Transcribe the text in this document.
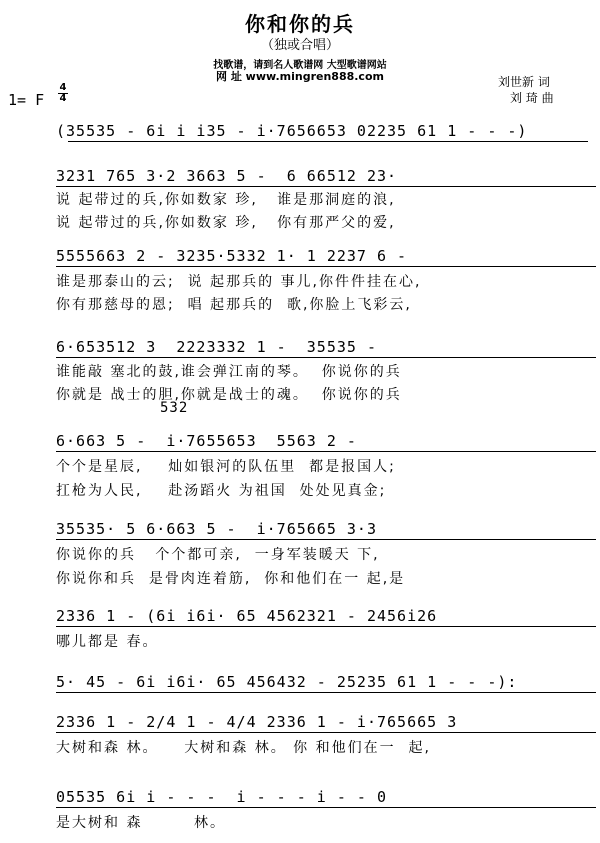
你和你的兵
（独或合唱）
找歌谱，请到名人歌谱网 大型歌谱网站
网 址 www.mingren888.com
1= F
4
4
刘世新 词
刘 琦 曲
(35535 - 6i i i35 - i·7656653 02235 61 1 - - -)
3231 765 3·2 3663 5 -  6 66512 23·
说 起带过的兵,你如数家 珍,   谁是那洞庭的浪,
说 起带过的兵,你如数家 珍,   你有那严父的爱,
5555663 2 - 3235·5332 1· 1 2237 6 -
谁是那泰山的云;  说 起那兵的 事儿,你件件挂在心,
你有那慈母的恩;  唱 起那兵的  歌,你脸上飞彩云,
6·653512 3  2223332 1 -  35535 -
谁能敲 塞北的鼓,谁会弹江南的琴。  你说你的兵
你就是 战士的胆,你就是战士的魂。  你说你的兵
532
6·663 5 -  i·7655653  5563 2 -
个个是星辰,    灿如银河的队伍里  都是报国人;
扛枪为人民,    赴汤蹈火 为祖国  处处见真金;
35535· 5 6·663 5 -  i·765665 3·3
你说你的兵   个个都可亲,  一身军装暖天 下,
你说你和兵  是骨肉连着筋,  你和他们在一 起,是
2336 1 - (6i i6i· 65 4562321 - 2456i26
哪儿都是 春。
5· 45 - 6i i6i· 65 456432 - 25235 61 1 - - -):
2336 1 - 2/4 1 - 4/4 2336 1 - i·765665 3
大树和森 林。    大树和森 林。 你 和他们在一  起,
05535 6i i - - -  i - - - i - - 0
是大树和 森        林。
